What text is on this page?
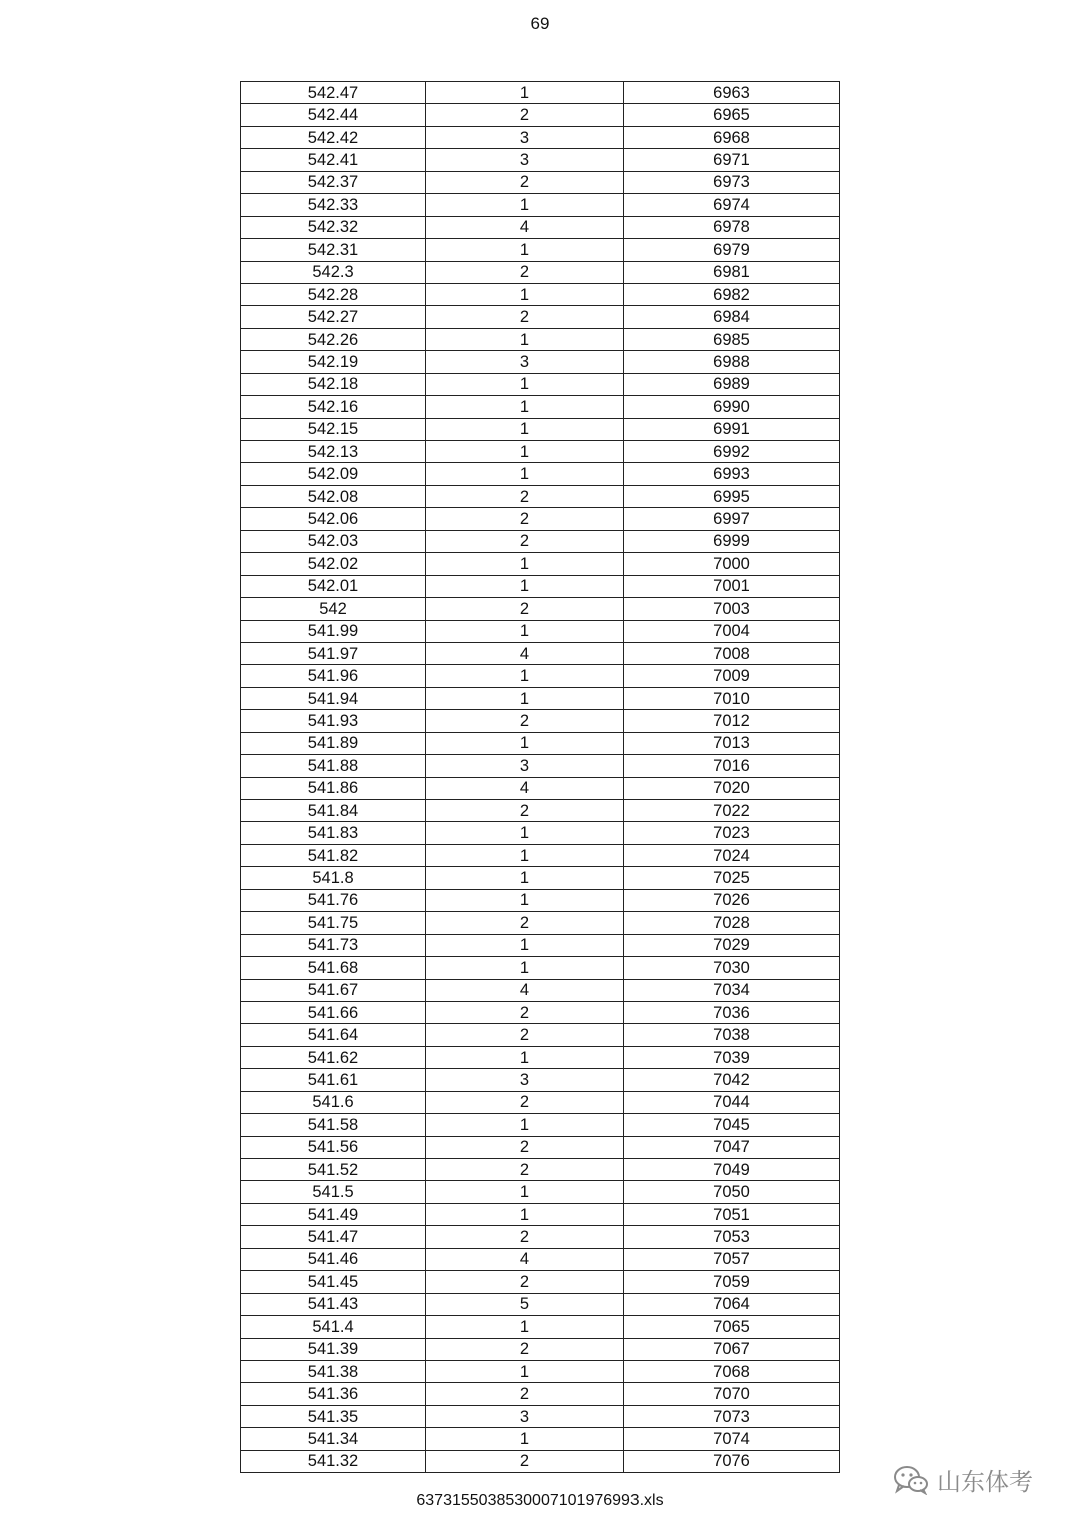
69
542.47	1	6963
542.44	2	6965
542.42	3	6968
542.41	3	6971
542.37	2	6973
542.33	1	6974
542.32	4	6978
542.31	1	6979
542.3	2	6981
542.28	1	6982
542.27	2	6984
542.26	1	6985
542.19	3	6988
542.18	1	6989
542.16	1	6990
542.15	1	6991
542.13	1	6992
542.09	1	6993
542.08	2	6995
542.06	2	6997
542.03	2	6999
542.02	1	7000
542.01	1	7001
542	2	7003
541.99	1	7004
541.97	4	7008
541.96	1	7009
541.94	1	7010
541.93	2	7012
541.89	1	7013
541.88	3	7016
541.86	4	7020
541.84	2	7022
541.83	1	7023
541.82	1	7024
541.8	1	7025
541.76	1	7026
541.75	2	7028
541.73	1	7029
541.68	1	7030
541.67	4	7034
541.66	2	7036
541.64	2	7038
541.62	1	7039
541.61	3	7042
541.6	2	7044
541.58	1	7045
541.56	2	7047
541.52	2	7049
541.5	1	7050
541.49	1	7051
541.47	2	7053
541.46	4	7057
541.45	2	7059
541.43	5	7064
541.4	1	7065
541.39	2	7067
541.38	1	7068
541.36	2	7070
541.35	3	7073
541.34	1	7074
541.32	2	7076
637315503853000710197699З.xls
山东体考
